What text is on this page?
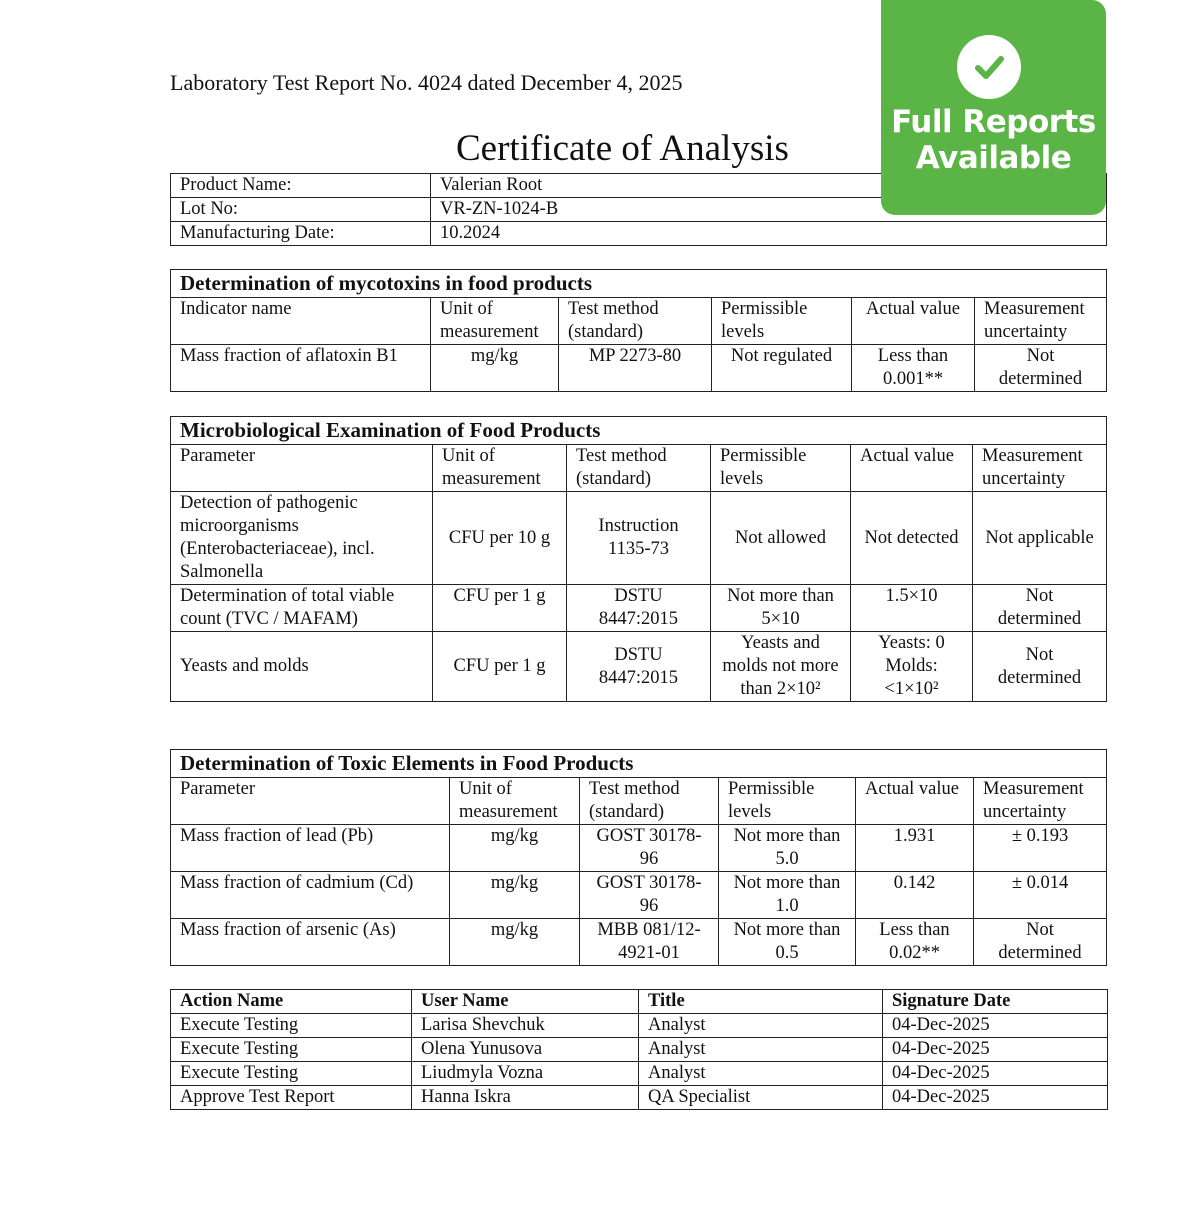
Laboratory Test Report No. 4024 dated December 4, 2025
Certificate of Analysis
Product Name:	Valerian Root
Lot No:	VR-ZN-1024-B
Manufacturing Date:	10.2024
Determination of mycotoxins in food products					
Indicator name	Unit of measurement	Test method (standard)	Permissible levels	Actual value	Measurement uncertainty
Mass fraction of aflatoxin B1	mg/kg	MP 2273-80	Not regulated	Less than 0.001**	Not determined
Microbiological Examination of Food Products					
Parameter	Unit of measurement	Test method (standard)	Permissible levels	Actual value	Measurement uncertainty
Detection of pathogenic microorganisms (Enterobacteriaceae), incl. Salmonella	CFU per 10 g	Instruction 1135-73	Not allowed	Not detected	Not applicable
Determination of total viable count (TVC / MAFAM)	CFU per 1 g	DSTU 8447:2015	Not more than 5×10	1.5×10	Not determined
Yeasts and molds	CFU per 1 g	DSTU 8447:2015	Yeasts and molds not more than 2×10²	Yeasts: 0 Molds: <1×10²	Not determined
Determination of Toxic Elements in Food Products					
Parameter	Unit of measurement	Test method (standard)	Permissible levels	Actual value	Measurement uncertainty
Mass fraction of lead (Pb)	mg/kg	GOST 30178-96	Not more than 5.0	1.931	± 0.193
Mass fraction of cadmium (Cd)	mg/kg	GOST 30178-96	Not more than 1.0	0.142	± 0.014
Mass fraction of arsenic (As)	mg/kg	MBB 081/12-4921-01	Not more than 0.5	Less than 0.02**	Not determined
Action Name	User Name	Title	Signature Date
Execute Testing	Larisa Shevchuk	Analyst	04-Dec-2025
Execute Testing	Olena Yunusova	Analyst	04-Dec-2025
Execute Testing	Liudmyla Vozna	Analyst	04-Dec-2025
Approve Test Report	Hanna Iskra	QA Specialist	04-Dec-2025
Full Reports
Available
